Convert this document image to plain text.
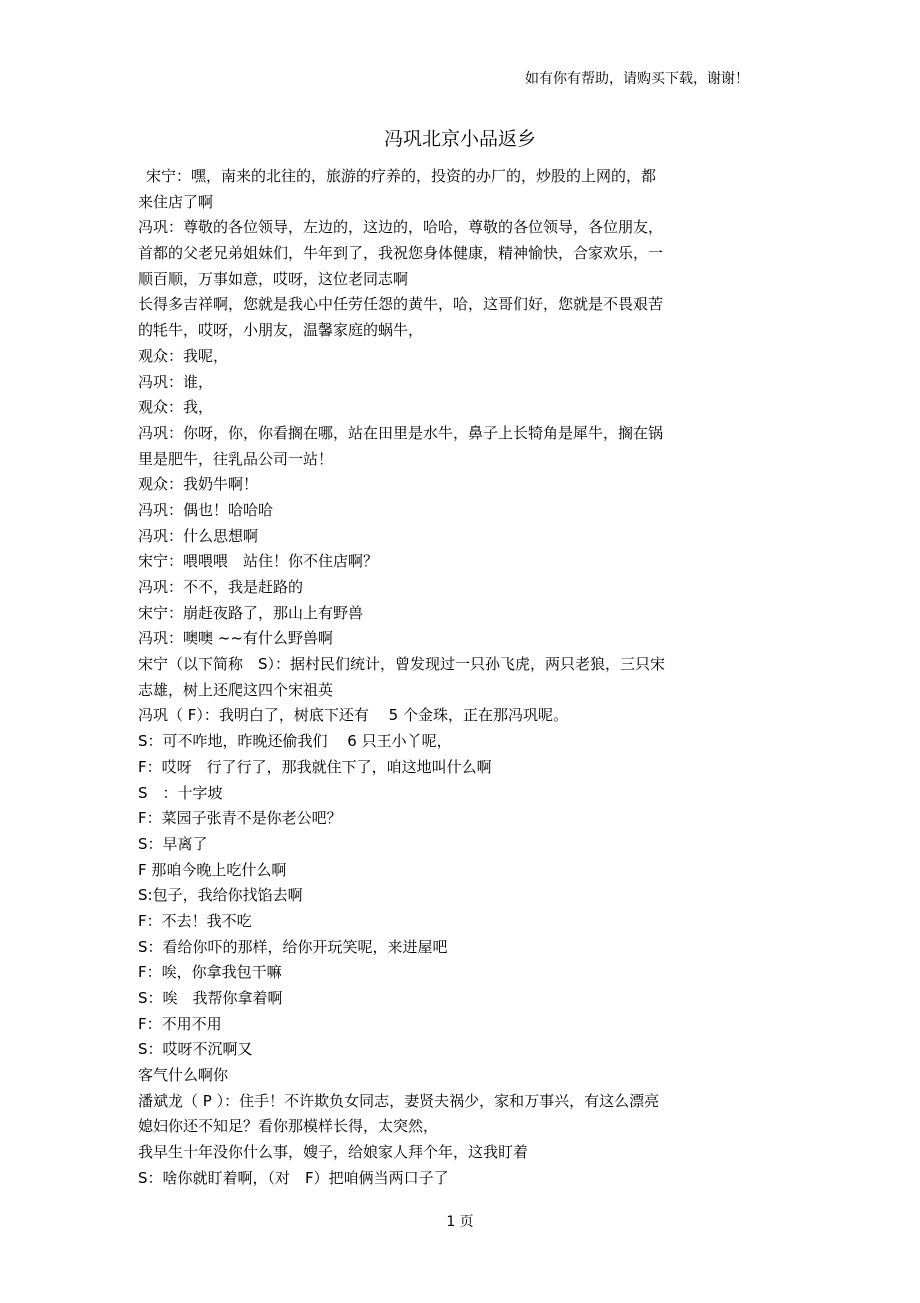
如有你有帮助，请购买下载，谢谢！
冯巩北京小品返乡
宋宁：嘿，南来的北往的，旅游的疗养的，投资的办厂的，炒股的上网的，都
来住店了啊
冯巩：尊敬的各位领导，左边的，这边的，哈哈，尊敬的各位领导，各位朋友，
首都的父老兄弟姐妹们，牛年到了，我祝您身体健康，精神愉快，合家欢乐，一
顺百顺，万事如意，哎呀，这位老同志啊
长得多吉祥啊，您就是我心中任劳任怨的黄牛，哈，这哥们好，您就是不畏艰苦
的牦牛，哎呀，小朋友，温馨家庭的蜗牛，
观众：我呢，
冯巩：谁，
观众：我，
冯巩：你呀，你，你看搁在哪，站在田里是水牛，鼻子上长犄角是犀牛，搁在锅
里是肥牛，往乳品公司一站！
观众：我奶牛啊！
冯巩：偶也！哈哈哈
冯巩：什么思想啊
宋宁：喂喂喂　站住！你不住店啊？
冯巩：不不，我是赶路的
宋宁：崩赶夜路了，那山上有野兽
冯巩：噢噢 ~~有什么野兽啊
宋宁（以下简称　S）：据村民们统计，曾发现过一只孙飞虎，两只老狼，三只宋
志雄，树上还爬这四个宋祖英
冯巩（ F）：我明白了，树底下还有　 5 个金珠，正在那冯巩呢。
S：可不咋地，昨晚还偷我们　 6 只王小丫呢，
F：哎呀　行了行了，那我就住下了，咱这地叫什么啊
S　：十字坡
F：菜园子张青不是你老公吧？
S：早离了
F 那咱今晚上吃什么啊
S:包子，我给你找馅去啊
F：不去！我不吃
S：看给你吓的那样，给你开玩笑呢，来进屋吧
F：唉，你拿我包干嘛
S：唉　我帮你拿着啊
F：不用不用
S：哎呀不沉啊又
客气什么啊你
潘斌龙（ P ）：住手！不许欺负女同志，妻贤夫祸少，家和万事兴，有这么漂亮
媳妇你还不知足？看你那模样长得，太突然，
我早生十年没你什么事，嫂子，给娘家人拜个年，这我盯着
S：啥你就盯着啊，（对　F）把咱俩当两口子了
1 页
